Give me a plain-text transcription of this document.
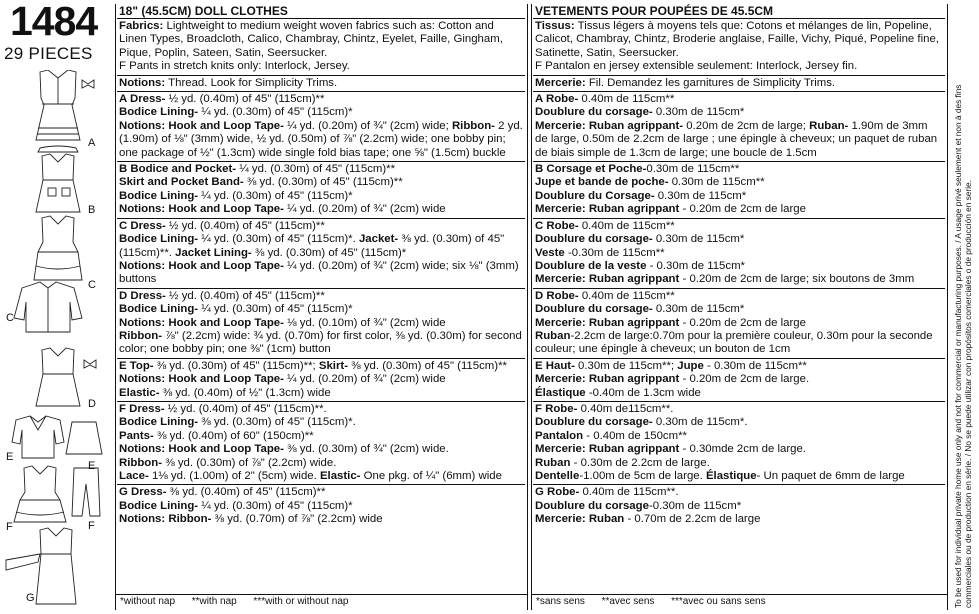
1484
29 PIECES
A
B
C
C
D
E
E
F	F
G
18" (45.5CM) DOLL CLOTHES
Fabrics: Lightweight to medium weight woven fabrics such as: Cotton and Linen Types, Broadcloth, Calico, Chambray, Chintz, Eyelet, Faille, Gingham, Pique, Poplin, Sateen, Satin, Seersucker.
F Pants in stretch knits only: Interlock, Jersey.
Notions: Thread. Look for Simplicity Trims.
A Dress- ½ yd. (0.40m) of 45" (115cm)**
Bodice Lining- ¼ yd. (0.30m) of 45" (115cm)*
Notions: Hook and Loop Tape- ¼ yd. (0.20m) of ¾" (2cm) wide; Ribbon- 2 yd. (1.90m) of ⅛" (3mm) wide, ½ yd. (0.50m) of ⅞" (2.2cm) wide; one bobby pin; one package of ½" (1.3cm) wide single fold bias tape; one ⅝" (1.5cm) buckle
B Bodice and Pocket- ¼ yd. (0.30m) of 45" (115cm)**
Skirt and Pocket Band- ⅜ yd. (0.30m) of 45" (115cm)**
Bodice Lining- ¼ yd. (0.30m) of 45" (115cm)*
Notions: Hook and Loop Tape- ¼ yd. (0.20m) of ¾" (2cm) wide
C Dress- ½ yd. (0.40m) of 45" (115cm)**
Bodice Lining- ¼ yd. (0.30m) of 45" (115cm)*. Jacket- ⅜ yd. (0.30m) of 45" (115cm)**. Jacket Lining- ⅜ yd. (0.30m) of 45" (115cm)*
Notions: Hook and Loop Tape- ¼ yd. (0.20m) of ¾" (2cm) wide; six ⅛" (3mm) buttons
D Dress- ½ yd. (0.40m) of 45" (115cm)**
Bodice Lining- ¼ yd. (0.30m) of 45" (115cm)*
Notions: Hook and Loop Tape- ⅛ yd. (0.10m) of ¾" (2cm) wide
Ribbon- ⅞" (2.2cm) wide: ¾ yd. (0.70m) for first color, ⅜ yd. (0.30m) for second color; one bobby pin; one ⅜" (1cm) button
E Top- ⅜ yd. (0.30m) of 45" (115cm)**; Skirt- ⅜ yd. (0.30m) of 45" (115cm)**
Notions: Hook and Loop Tape- ¼ yd. (0.20m) of ¾" (2cm) wide
Elastic- ⅜ yd. (0.40m) of ½" (1.3cm) wide
F Dress- ½ yd. (0.40m) of 45" (115cm)**.
Bodice Lining- ⅜ yd. (0.30m) of 45" (115cm)*.
Pants- ⅜ yd. (0.40m) of 60" (150cm)**
Notions: Hook and Loop Tape- ⅜ yd. (0.30m) of ¾" (2cm) wide.
Ribbon- ⅜ yd. (0.30m) of ⅞" (2.2cm) wide.
Lace- 1⅛ yd. (1.00m) of 2" (5cm) wide. Elastic- One pkg. of ¼" (6mm) wide
G Dress- ⅜ yd. (0.40m) of 45" (115cm)**
Bodice Lining- ¼ yd. (0.30m) of 45" (115cm)*
Notions: Ribbon- ⅜ yd. (0.70m) of ⅞" (2.2cm) wide
*without nap      **with nap      ***with or without nap
VETEMENTS POUR POUPÉES DE 45.5CM
Tissus: Tissus légers à moyens tels que: Cotons et mélanges de lin, Popeline, Calicot, Chambray, Chintz, Broderie anglaise, Faille, Vichy, Piqué, Popeline fine, Satinette, Satin, Seersucker.
F Pantalon en jersey extensible seulement: Interlock, Jersey fin.
Mercerie: Fil. Demandez les garnitures de Simplicity Trims.
A Robe- 0.40m de 115cm**
Doublure du corsage- 0.30m de 115cm*
Mercerie: Ruban agrippant- 0.20m de 2cm de large; Ruban- 1.90m de 3mm de large, 0.50m de 2.2cm de large ; une épingle à cheveux; un paquet de ruban de biais simple de 1.3cm de large; une boucle de 1.5cm
B Corsage et Poche-0.30m de 115cm**
Jupe et bande de poche- 0.30m de 115cm**
Doublure du Corsage- 0.30m de 115cm*
Mercerie: Ruban agrippant - 0.20m de 2cm de large
C Robe- 0.40m de 115cm**
Doublure du corsage- 0.30m de 115cm*
Veste -0.30m de 115cm**
Doublure de la veste - 0.30m de 115cm*
Mercerie: Ruban agrippant - 0.20m de 2cm de large; six boutons de 3mm
D Robe- 0.40m de 115cm**
Doublure du corsage- 0.30m de 115cm*
Mercerie: Ruban agrippant - 0.20m de 2cm de large
Ruban-2.2cm de large:0.70m pour la première couleur, 0.30m pour la seconde couleur; une épingle à cheveux; un bouton de 1cm
E Haut- 0.30m de 115cm**; Jupe - 0.30m de 115cm**
Mercerie: Ruban agrippant - 0.20m de 2cm de large.
Élastique -0.40m de 1.3cm wide
F Robe- 0.40m de115cm**.
Doublure du corsage- 0.30m de 115cm*.
Pantalon - 0.40m de 150cm**
Mercerie: Ruban agrippant - 0.30mde 2cm de large.
Ruban - 0.30m de 2.2cm de large.
Dentelle-1.00m de 5cm de large. Élastique- Un paquet de 6mm de large
G Robe- 0.40m de 115cm**.
Doublure du corsage-0.30m de 115cm*
Mercerie: Ruban - 0.70m de 2.2cm de large
*sans sens      **avec sens      ***avec ou sans sens	To be used for individual private home use only and not for commercial or manufacturing purposes. / A usage privé seulement et non à des fins commerciales ou de production en série. / No se puede utilizar con propósitos comerciales o de producción en serie.
